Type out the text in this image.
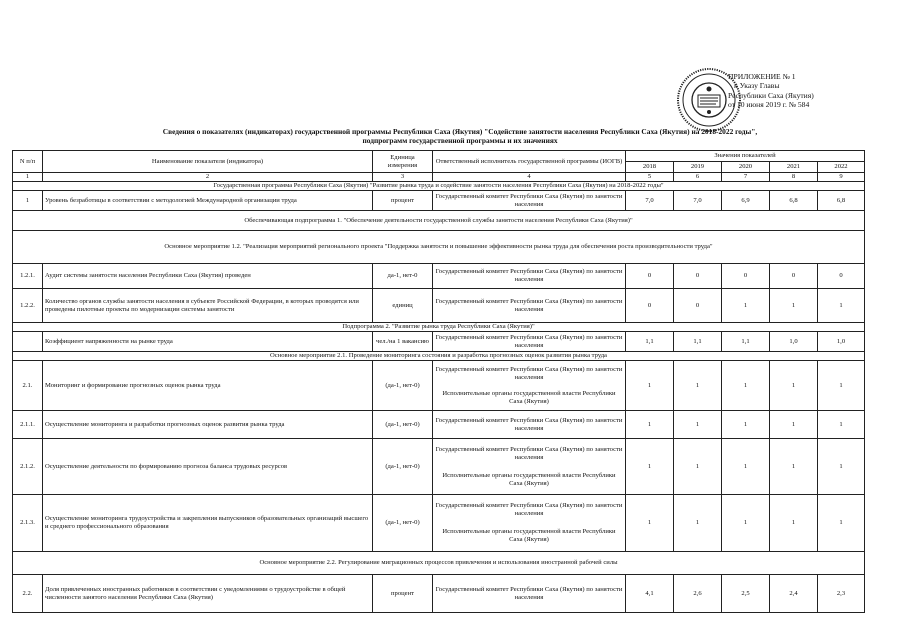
ПРИЛОЖЕНИЕ № 1
к Указу Главы
Республики Саха (Якутия)
от 10 июня 2019 г. № 584
Сведения о показателях (индикаторах) государственной программы Республики Саха (Якутия) "Содействие занятости населения Республики Саха (Якутия) на 2018-2022 годы",
подпрограмм государственной программы и их значениях
N п/п	Наименование показателя (индикатора)	Единица измерения	Ответственный исполнитель государственной программы (ИОГВ)	Значения показателей				
				2018	2019	2020	2021	2022
1	2	3	4	5	6	7	8	9
Государственная программа Республики Саха (Якутия) "Развитие рынка труда и содействие занятости населения Республики Саха (Якутия) на 2018-2022 годы"								
1	Уровень безработицы в соответствии с методологией Международной организации труда	процент	Государственный комитет Республики Саха (Якутия) по занятости населения	7,0	7,0	6,9	6,8	6,8
Обеспечивающая подпрограмма 1. "Обеспечение деятельности государственной службы занятости населения Республики Саха (Якутия)"								
Основное мероприятие 1.2. "Реализация мероприятий регионального проекта "Поддержка занятости и повышение эффективности рынка труда для обеспечения роста производительности труда"								
1.2.1.	Аудит системы занятости населения Республики Саха (Якутия) проведен	да-1, нет-0	Государственный комитет Республики Саха (Якутия) по занятости населения	0	0	0	0	0
1.2.2.	Количество органов службы занятости населения в субъекте Российской Федерации, в которых проводятся или проведены пилотные проекты по модернизации системы занятости	единиц	Государственный комитет Республики Саха (Якутия) по занятости населения	0	0	1	1	1
Подпрограмма 2. "Развитие рынка труда Республики Саха (Якутия)"								
	Коэффициент напряженности на рынке труда	чел./на 1 вакансию	Государственный комитет Республики Саха (Якутия) по занятости населения	1,1	1,1	1,1	1,0	1,0
Основное мероприятие 2.1. Проведение мониторинга состояния и разработка прогнозных оценок развития рынка труда								
2.1.	Мониторинг и формирование прогнозных оценок рынка труда	(да-1, нет-0)	Государственный комитет Республики Саха (Якутия) по занятости населения
Исполнительные органы государственной власти Республики Саха (Якутия)	1	1	1	1	1
2.1.1.	Осуществление мониторинга и разработки прогнозных оценок развития рынка труда	(да-1, нет-0)	Государственный комитет Республики Саха (Якутия) по занятости населения	1	1	1	1	1
2.1.2.	Осуществление деятельности по формированию прогноза баланса трудовых ресурсов	(да-1, нет-0)	Государственный комитет Республики Саха (Якутия) по занятости населения
Исполнительные органы государственной власти Республики Саха (Якутия)	1	1	1	1	1
2.1.3.	Осуществление мониторинга трудоустройства и закрепления выпускников образовательных организаций высшего и среднего профессионального образования	(да-1, нет-0)	Государственный комитет Республики Саха (Якутия) по занятости населения
Исполнительные органы государственной власти Республики Саха (Якутия)	1	1	1	1	1
Основное мероприятие 2.2. Регулирование миграционных процессов привлечения и использования иностранной рабочей силы								
2.2.	Доля привлеченных иностранных работников в соответствии с уведомлениями о трудоустройстве в общей численности занятого населения Республики Саха (Якутия)	процент	Государственный комитет Республики Саха (Якутия) по занятости населения	4,1	2,6	2,5	2,4	2,3
